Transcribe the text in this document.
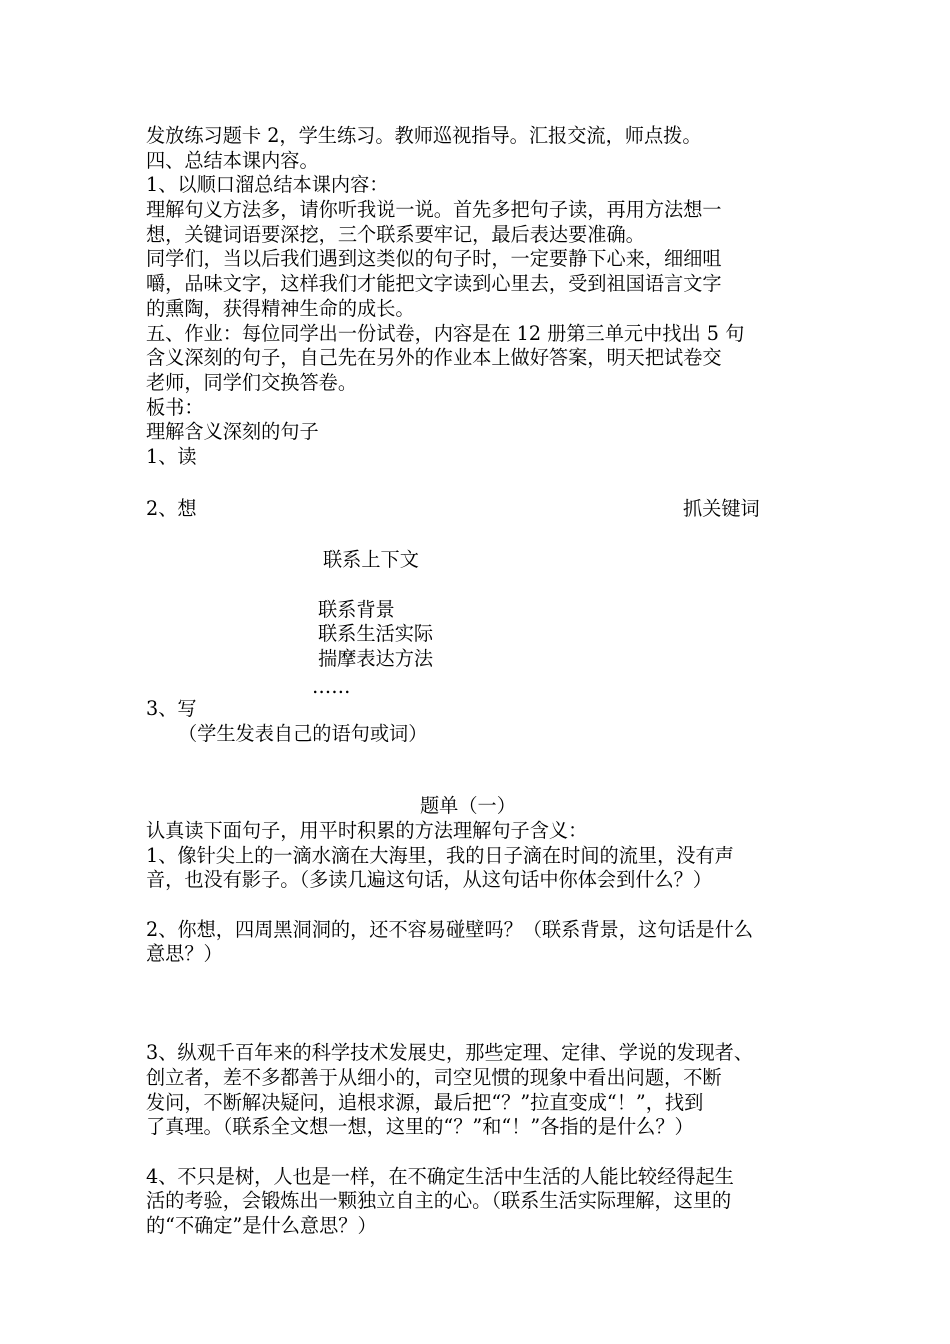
发放练习题卡 2，学生练习。教师巡视指导。汇报交流，师点拨。
四、总结本课内容。
1、以顺口溜总结本课内容：
理解句义方法多，请你听我说一说。首先多把句子读，再用方法想一
想，关键词语要深挖，三个联系要牢记，最后表达要准确。
同学们，当以后我们遇到这类似的句子时，一定要静下心来，细细咀
嚼，品味文字，这样我们才能把文字读到心里去，受到祖国语言文字
的熏陶，获得精神生命的成长。
五、作业：每位同学出一份试卷，内容是在 12 册第三单元中找出 5 句
含义深刻的句子，自己先在另外的作业本上做好答案，明天把试卷交
老师，同学们交换答卷。
板书：
理解含义深刻的句子
1、读
2、想	抓关键词
联系上下文
联系背景
联系生活实际
揣摩表达方法
……
3、写
（学生发表自己的语句或词）
题单（一）
认真读下面句子，用平时积累的方法理解句子含义：
1、像针尖上的一滴水滴在大海里，我的日子滴在时间的流里，没有声
音，也没有影子。（多读几遍这句话，从这句话中你体会到什么？）
2、你想，四周黑洞洞的，还不容易碰壁吗？（联系背景，这句话是什么
意思？）
3、纵观千百年来的科学技术发展史，那些定理、定律、学说的发现者、
创立者，差不多都善于从细小的，司空见惯的现象中看出问题，不断
发问，不断解决疑问，追根求源，最后把“？”拉直变成“！”，找到
了真理。（联系全文想一想，这里的“？”和“！”各指的是什么？）
4、不只是树，人也是一样，在不确定生活中生活的人能比较经得起生
活的考验，会锻炼出一颗独立自主的心。（联系生活实际理解，这里的
的“不确定”是什么意思？）
